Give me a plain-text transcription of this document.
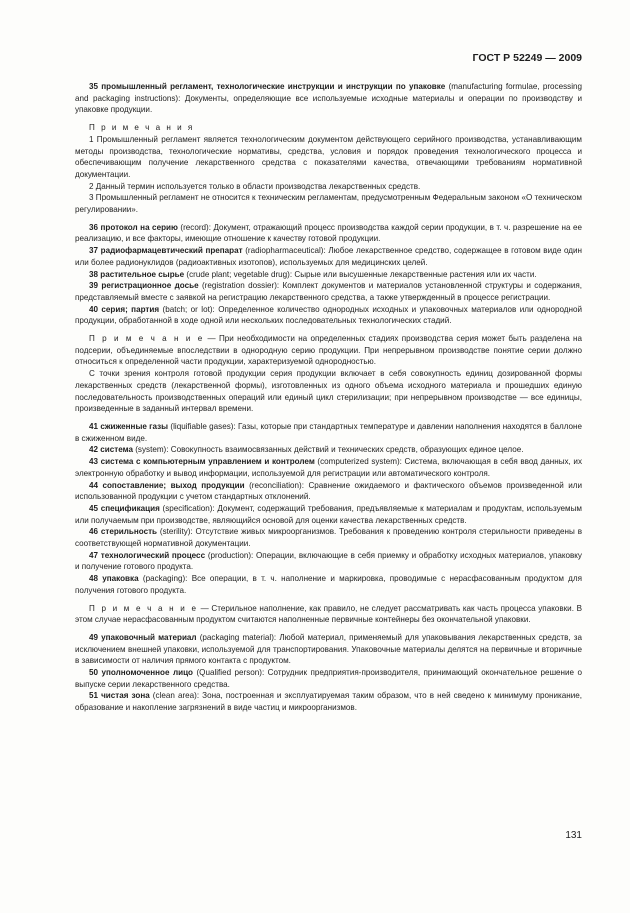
ГОСТ Р 52249 — 2009

35 промышленный регламент, технологические инструкции и инструкции по упаковке (manufacturing formulae, processing and packaging instructions): Документы, определяющие все используемые исходные материалы и операции по производству и упаковке продукции.

П р и м е ч а н и я

1 Промышленный регламент является технологическим документом действующего серийного производства, устанавливающим методы производства, технологические нормативы, средства, условия и порядок проведения технологического процесса и обеспечивающим получение лекарственного средства с показателями качества, отвечающими требованиям нормативной документации.

2 Данный термин используется только в области производства лекарственных средств.

3 Промышленный регламент не относится к техническим регламентам, предусмотренным Федеральным законом «О техническом регулировании».

36 протокол на серию (record): Документ, отражающий процесс производства каждой серии продукции, в т. ч. разрешение на ее реализацию, и все факторы, имеющие отношение к качеству готовой продукции.

37 радиофармацевтический препарат (radiopharmaceutical): Любое лекарственное средство, содержащее в готовом виде один или более радионуклидов (радиоактивных изотопов), используемых для медицинских целей.

38 растительное сырье (crude plant; vegetable drug): Сырые или высушенные лекарственные растения или их части.

39 регистрационное досье (registration dossier): Комплект документов и материалов установленной структуры и содержания, представляемый вместе с заявкой на регистрацию лекарственного средства, а также утвержденный в процессе регистрации.

40 серия; партия (batch; or lot): Определенное количество однородных исходных и упаковочных материалов или однородной продукции, обработанной в ходе одной или нескольких последовательных технологических стадий.

П р и м е ч а н и е — При необходимости на определенных стадиях производства серия может быть разделена на подсерии, объединяемые впоследствии в однородную серию продукции. При непрерывном производстве понятие серии должно относиться к определенной части продукции, характеризуемой однородностью.

С точки зрения контроля готовой продукции серия продукции включает в себя совокупность единиц дозированной формы лекарственных средств (лекарственной формы), изготовленных из одного объема исходного материала и прошедших единую последовательность производственных операций или единый цикл стерилизации; при непрерывном производстве — все единицы, произведенные в заданный интервал времени.

41 сжиженные газы (liquifiable gases): Газы, которые при стандартных температуре и давлении наполнения находятся в баллоне в сжиженном виде.

42 система (system): Совокупность взаимосвязанных действий и технических средств, образующих единое целое.

43 система с компьютерным управлением и контролем (computerized system): Система, включающая в себя ввод данных, их электронную обработку и вывод информации, используемой для регистрации или автоматического контроля.

44 сопоставление; выход продукции (reconciliation): Сравнение ожидаемого и фактического объемов произведенной или использованной продукции с учетом стандартных отклонений.

45 спецификация (specification): Документ, содержащий требования, предъявляемые к материалам и продуктам, используемым или получаемым при производстве, являющийся основой для оценки качества лекарственных средств.

46 стерильность (sterility): Отсутствие живых микроорганизмов. Требования к проведению контроля стерильности приведены в соответствующей нормативной документации.

47 технологический процесс (production): Операции, включающие в себя приемку и обработку исходных материалов, упаковку и получение готового продукта.

48 упаковка (packaging): Все операции, в т. ч. наполнение и маркировка, проводимые с нерасфасованным продуктом для получения готового продукта.

П р и м е ч а н и е — Стерильное наполнение, как правило, не следует рассматривать как часть процесса упаковки. В этом случае нерасфасованным продуктом считаются наполненные первичные контейнеры без окончательной упаковки.

49 упаковочный материал (packaging material): Любой материал, применяемый для упаковывания лекарственных средств, за исключением внешней упаковки, используемой для транспортирования. Упаковочные материалы делятся на первичные и вторичные в зависимости от наличия прямого контакта с продуктом.

50 уполномоченное лицо (Qualified person): Сотрудник предприятия-производителя, принимающий окончательное решение о выпуске серии лекарственного средства.

51 чистая зона (clean area): Зона, построенная и эксплуатируемая таким образом, что в ней сведено к минимуму проникание, образование и накопление загрязнений в виде частиц и микроорганизмов.

131
